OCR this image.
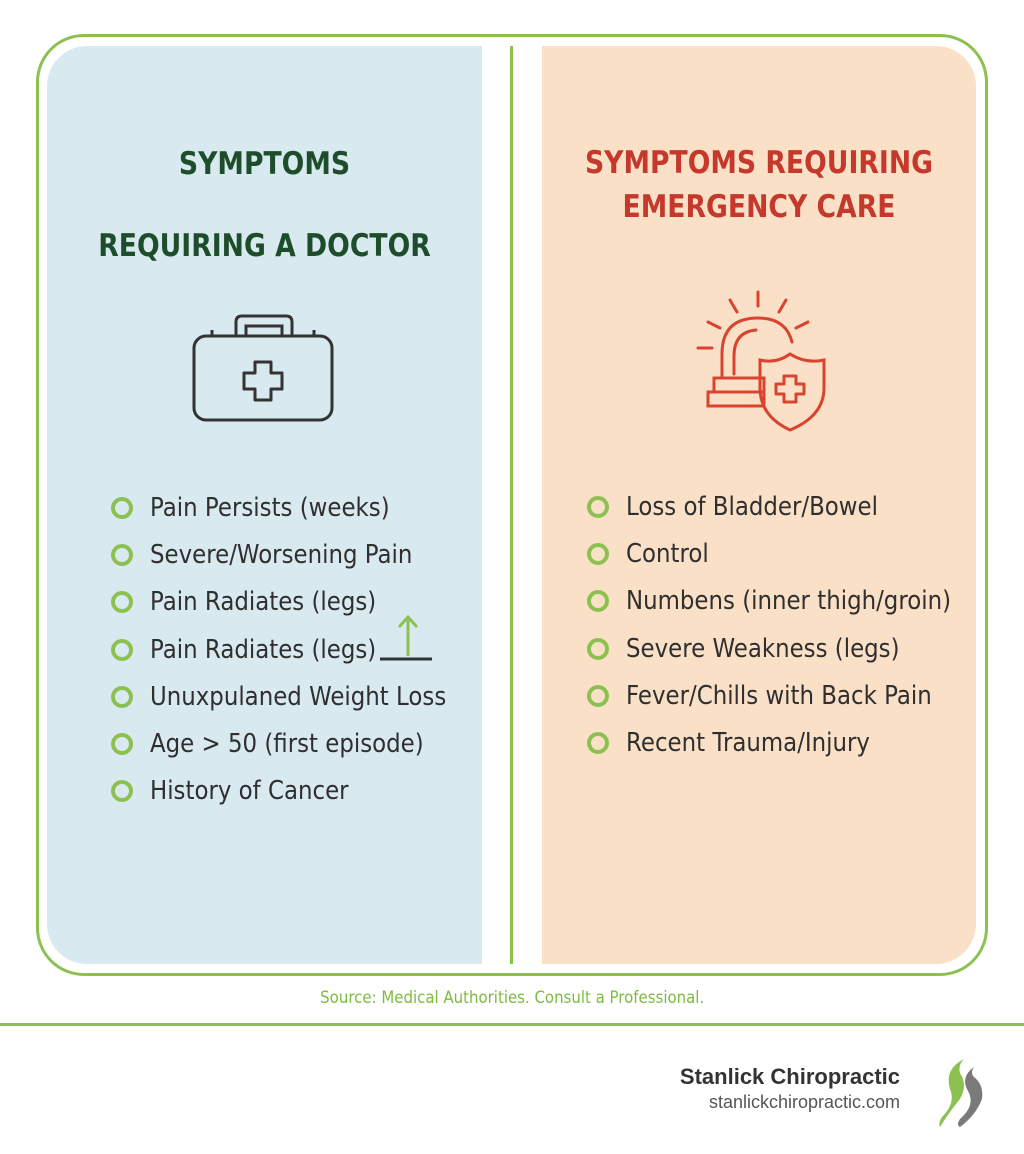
SYMPTOMS
REQUIRING A DOCTOR
SYMPTOMS REQUIRING
EMERGENCY CARE
Pain Persists (weeks)
Severe/Worsening Pain
Pain Radiates (legs)
Pain Radiates (legs)
Unuxpulaned Weight Loss
Age > 50 (first episode)
History of Cancer
Loss of Bladder/Bowel
Control
Numbens (inner thigh/groin)
Severe Weakness (legs)
Fever/Chills with Back Pain
Recent Trauma/Injury
Source: Medical Authorities. Consult a Professional.
Stanlick Chiropractic
stanlickchiropractic.com
